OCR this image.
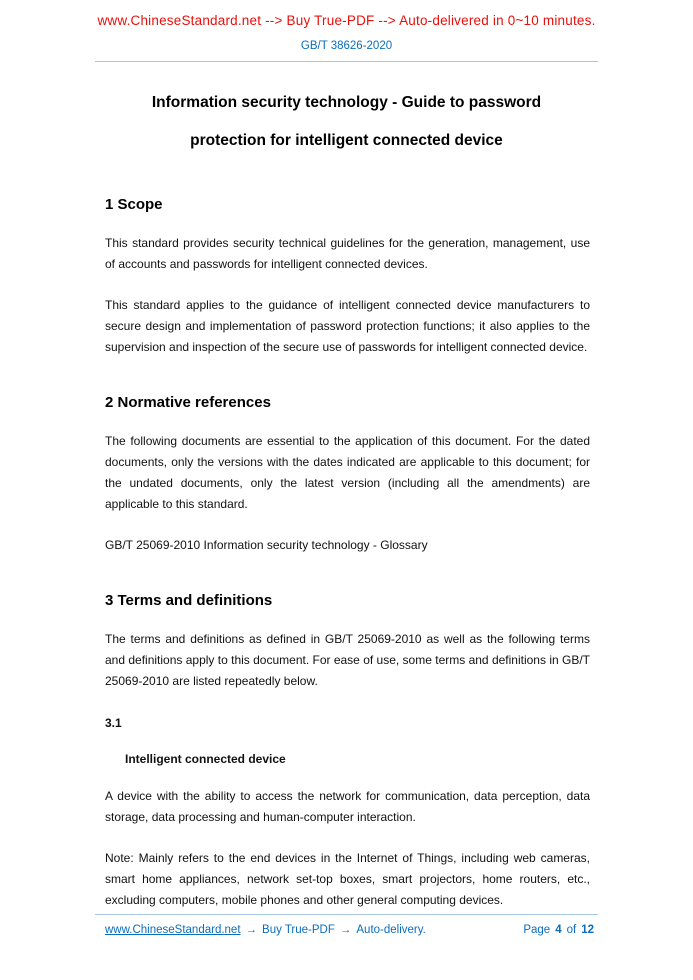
www.ChineseStandard.net --> Buy True-PDF --> Auto-delivered in 0~10 minutes.
GB/T 38626-2020
Information security technology - Guide to password
protection for intelligent connected device
1 Scope

This standard provides security technical guidelines for the generation, management, use of accounts and passwords for intelligent connected devices.

This standard applies to the guidance of intelligent connected device manufacturers to secure design and implementation of password protection functions; it also applies to the supervision and inspection of the secure use of passwords for intelligent connected device.

2 Normative references

The following documents are essential to the application of this document. For the dated documents, only the versions with the dates indicated are applicable to this document; for the undated documents, only the latest version (including all the amendments) are applicable to this standard.

GB/T 25069-2010 Information security technology - Glossary

3 Terms and definitions

The terms and definitions as defined in GB/T 25069-2010 as well as the following terms and definitions apply to this document. For ease of use, some terms and definitions in GB/T 25069-2010 are listed repeatedly below.

3.1
Intelligent connected device

A device with the ability to access the network for communication, data perception, data storage, data processing and human-computer interaction.

Note: Mainly refers to the end devices in the Internet of Things, including web cameras, smart home appliances, network set-top boxes, smart projectors, home routers, etc., excluding computers, mobile phones and other general computing devices.

www.ChineseStandard.net → Buy True-PDF → Auto-delivery.	Page 4 of 12
